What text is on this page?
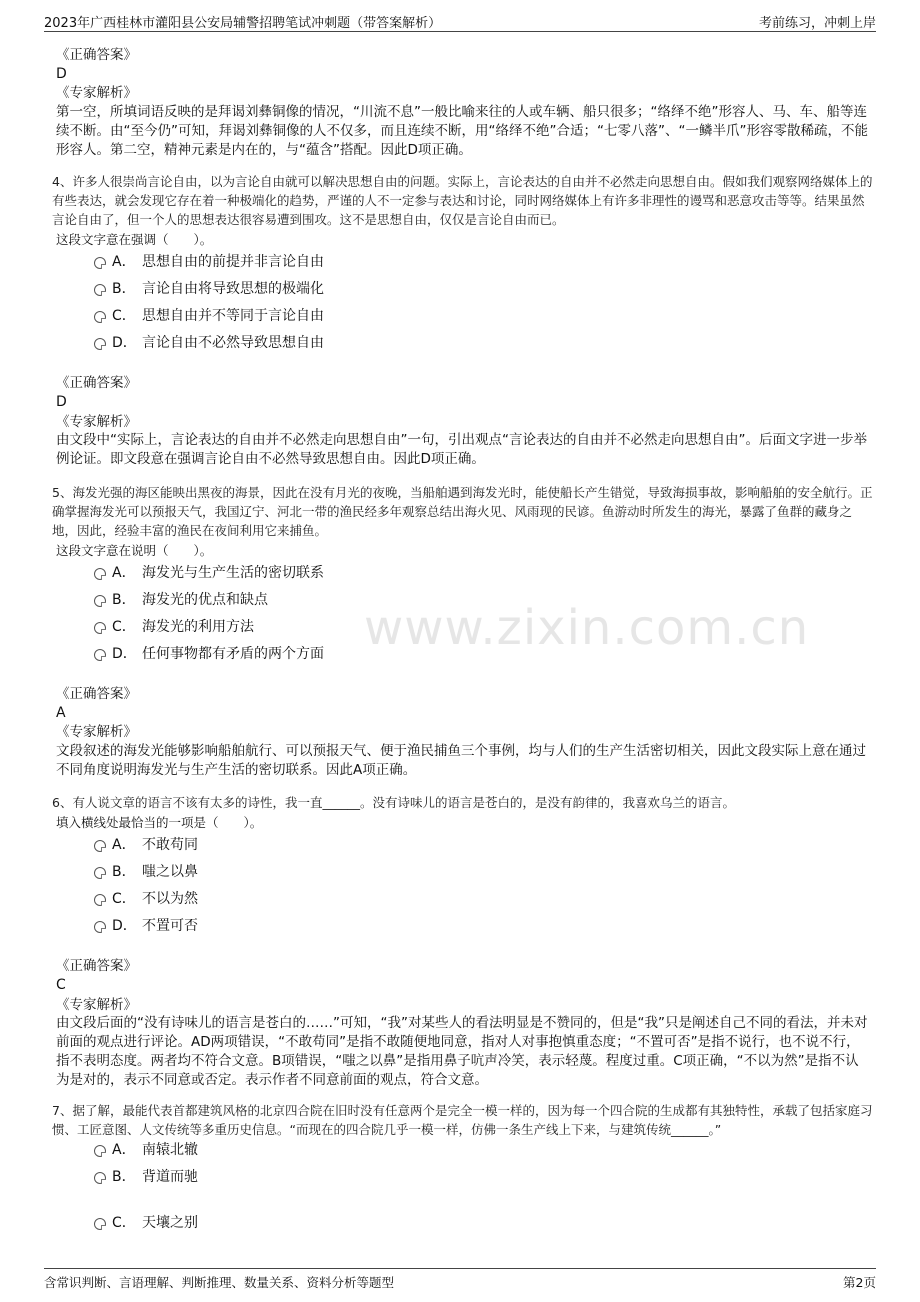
2023年广西桂林市灌阳县公安局辅警招聘笔试冲刺题（带答案解析）	考前练习，冲刺上岸
www.zixin.com.cn
《正确答案》
D
《专家解析》
第一空，所填词语反映的是拜谒刘彝铜像的情况，“川流不息”一般比喻来往的人或车辆、船只很多；“络绎不绝”形容人、马、车、船等连续不断。由“至今仍”可知，拜谒刘彝铜像的人不仅多，而且连续不断，用“络绎不绝”合适；“七零八落”、“一鳞半爪”形容零散稀疏，不能形容人。第二空，精神元素是内在的，与“蕴含”搭配。因此D项正确。
4、许多人很崇尚言论自由，以为言论自由就可以解决思想自由的问题。实际上，言论表达的自由并不必然走向思想自由。假如我们观察网络媒体上的有些表达，就会发现它存在着一种极端化的趋势，严谨的人不一定参与表达和讨论，同时网络媒体上有许多非理性的谩骂和恶意攻击等等。结果虽然言论自由了，但一个人的思想表达很容易遭到围攻。这不是思想自由，仅仅是言论自由而已。
这段文字意在强调（　　）。
A． 思想自由的前提并非言论自由
B． 言论自由将导致思想的极端化
C． 思想自由并不等同于言论自由
D． 言论自由不必然导致思想自由
《正确答案》
D
《专家解析》
由文段中“实际上，言论表达的自由并不必然走向思想自由”一句，引出观点“言论表达的自由并不必然走向思想自由”。后面文字进一步举例论证。即文段意在强调言论自由不必然导致思想自由。因此D项正确。
5、海发光强的海区能映出黑夜的海景，因此在没有月光的夜晚，当船舶遇到海发光时，能使船长产生错觉，导致海损事故，影响船舶的安全航行。正确掌握海发光可以预报天气，我国辽宁、河北一带的渔民经多年观察总结出海火见、风雨现的民谚。鱼游动时所发生的海光，暴露了鱼群的藏身之地，因此，经验丰富的渔民在夜间利用它来捕鱼。
这段文字意在说明（　　）。
A． 海发光与生产生活的密切联系
B． 海发光的优点和缺点
C． 海发光的利用方法
D． 任何事物都有矛盾的两个方面
《正确答案》
A
《专家解析》
文段叙述的海发光能够影响船舶航行、可以预报天气、便于渔民捕鱼三个事例，均与人们的生产生活密切相关，因此文段实际上意在通过不同角度说明海发光与生产生活的密切联系。因此A项正确。
6、有人说文章的语言不该有太多的诗性，我一直______。没有诗味儿的语言是苍白的，是没有韵律的，我喜欢乌兰的语言。
填入横线处最恰当的一项是（　　）。
A． 不敢苟同
B． 嗤之以鼻
C． 不以为然
D． 不置可否
《正确答案》
C
《专家解析》
由文段后面的“没有诗味儿的语言是苍白的……”可知，“我”对某些人的看法明显是不赞同的，但是“我”只是阐述自己不同的看法，并未对前面的观点进行评论。AD两项错误，“不敢苟同”是指不敢随便地同意，指对人对事抱慎重态度；“不置可否”是指不说行，也不说不行，指不表明态度。两者均不符合文意。B项错误，“嗤之以鼻”是指用鼻子吭声冷笑，表示轻蔑。程度过重。C项正确，“不以为然”是指不认为是对的，表示不同意或否定。表示作者不同意前面的观点，符合文意。
7、据了解，最能代表首都建筑风格的北京四合院在旧时没有任意两个是完全一模一样的，因为每一个四合院的生成都有其独特性，承载了包括家庭习惯、工匠意图、人文传统等多重历史信息。“而现在的四合院几乎一模一样，仿佛一条生产线上下来，与建筑传统______。”
A． 南辕北辙
B． 背道而驰
C． 天壤之别
含常识判断、言语理解、判断推理、数量关系、资料分析等题型	第2页
